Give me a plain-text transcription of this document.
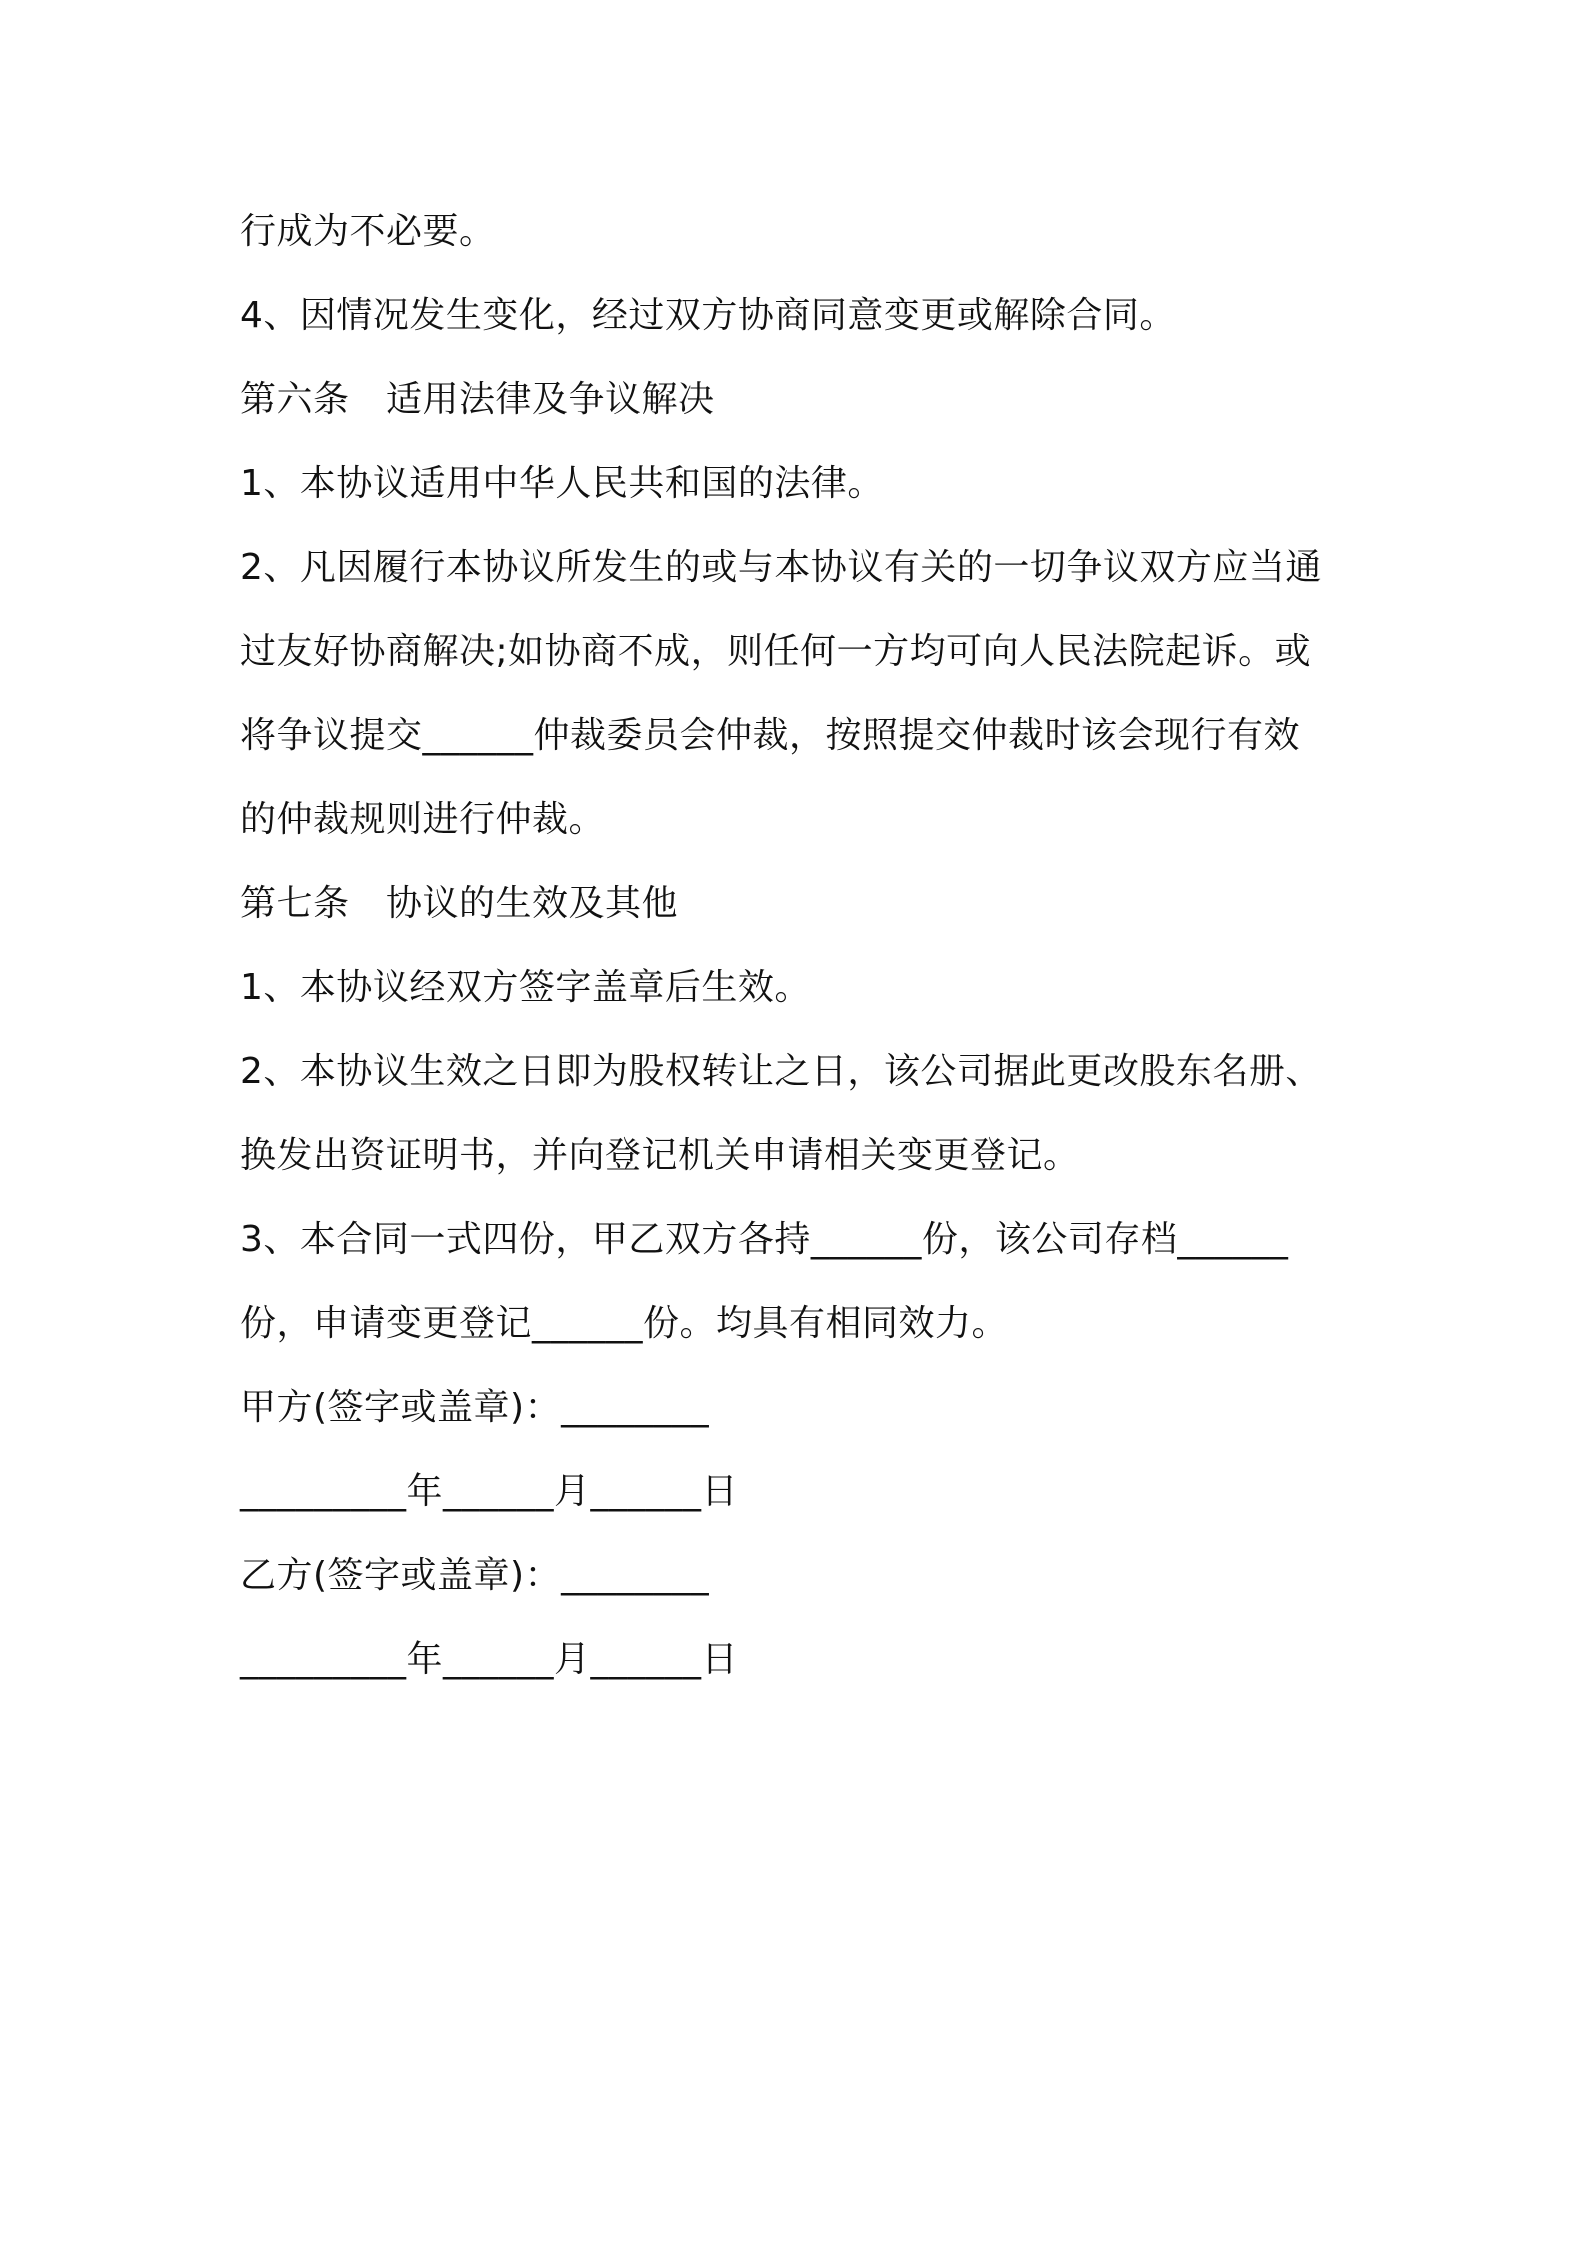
行成为不必要。
4、因情况发生变化，经过双方协商同意变更或解除合同。
第六条　适用法律及争议解决
1、本协议适用中华人民共和国的法律。
2、凡因履行本协议所发生的或与本协议有关的一切争议双方应当通
过友好协商解决;如协商不成，则任何一方均可向人民法院起诉。或
将争议提交______仲裁委员会仲裁，按照提交仲裁时该会现行有效
的仲裁规则进行仲裁。
第七条　协议的生效及其他
1、本协议经双方签字盖章后生效。
2、本协议生效之日即为股权转让之日，该公司据此更改股东名册、
换发出资证明书，并向登记机关申请相关变更登记。
3、本合同一式四份，甲乙双方各持______份，该公司存档______
份，申请变更登记______份。均具有相同效力。
甲方(签字或盖章)：________
_________年______月______日
乙方(签字或盖章)：________
_________年______月______日
